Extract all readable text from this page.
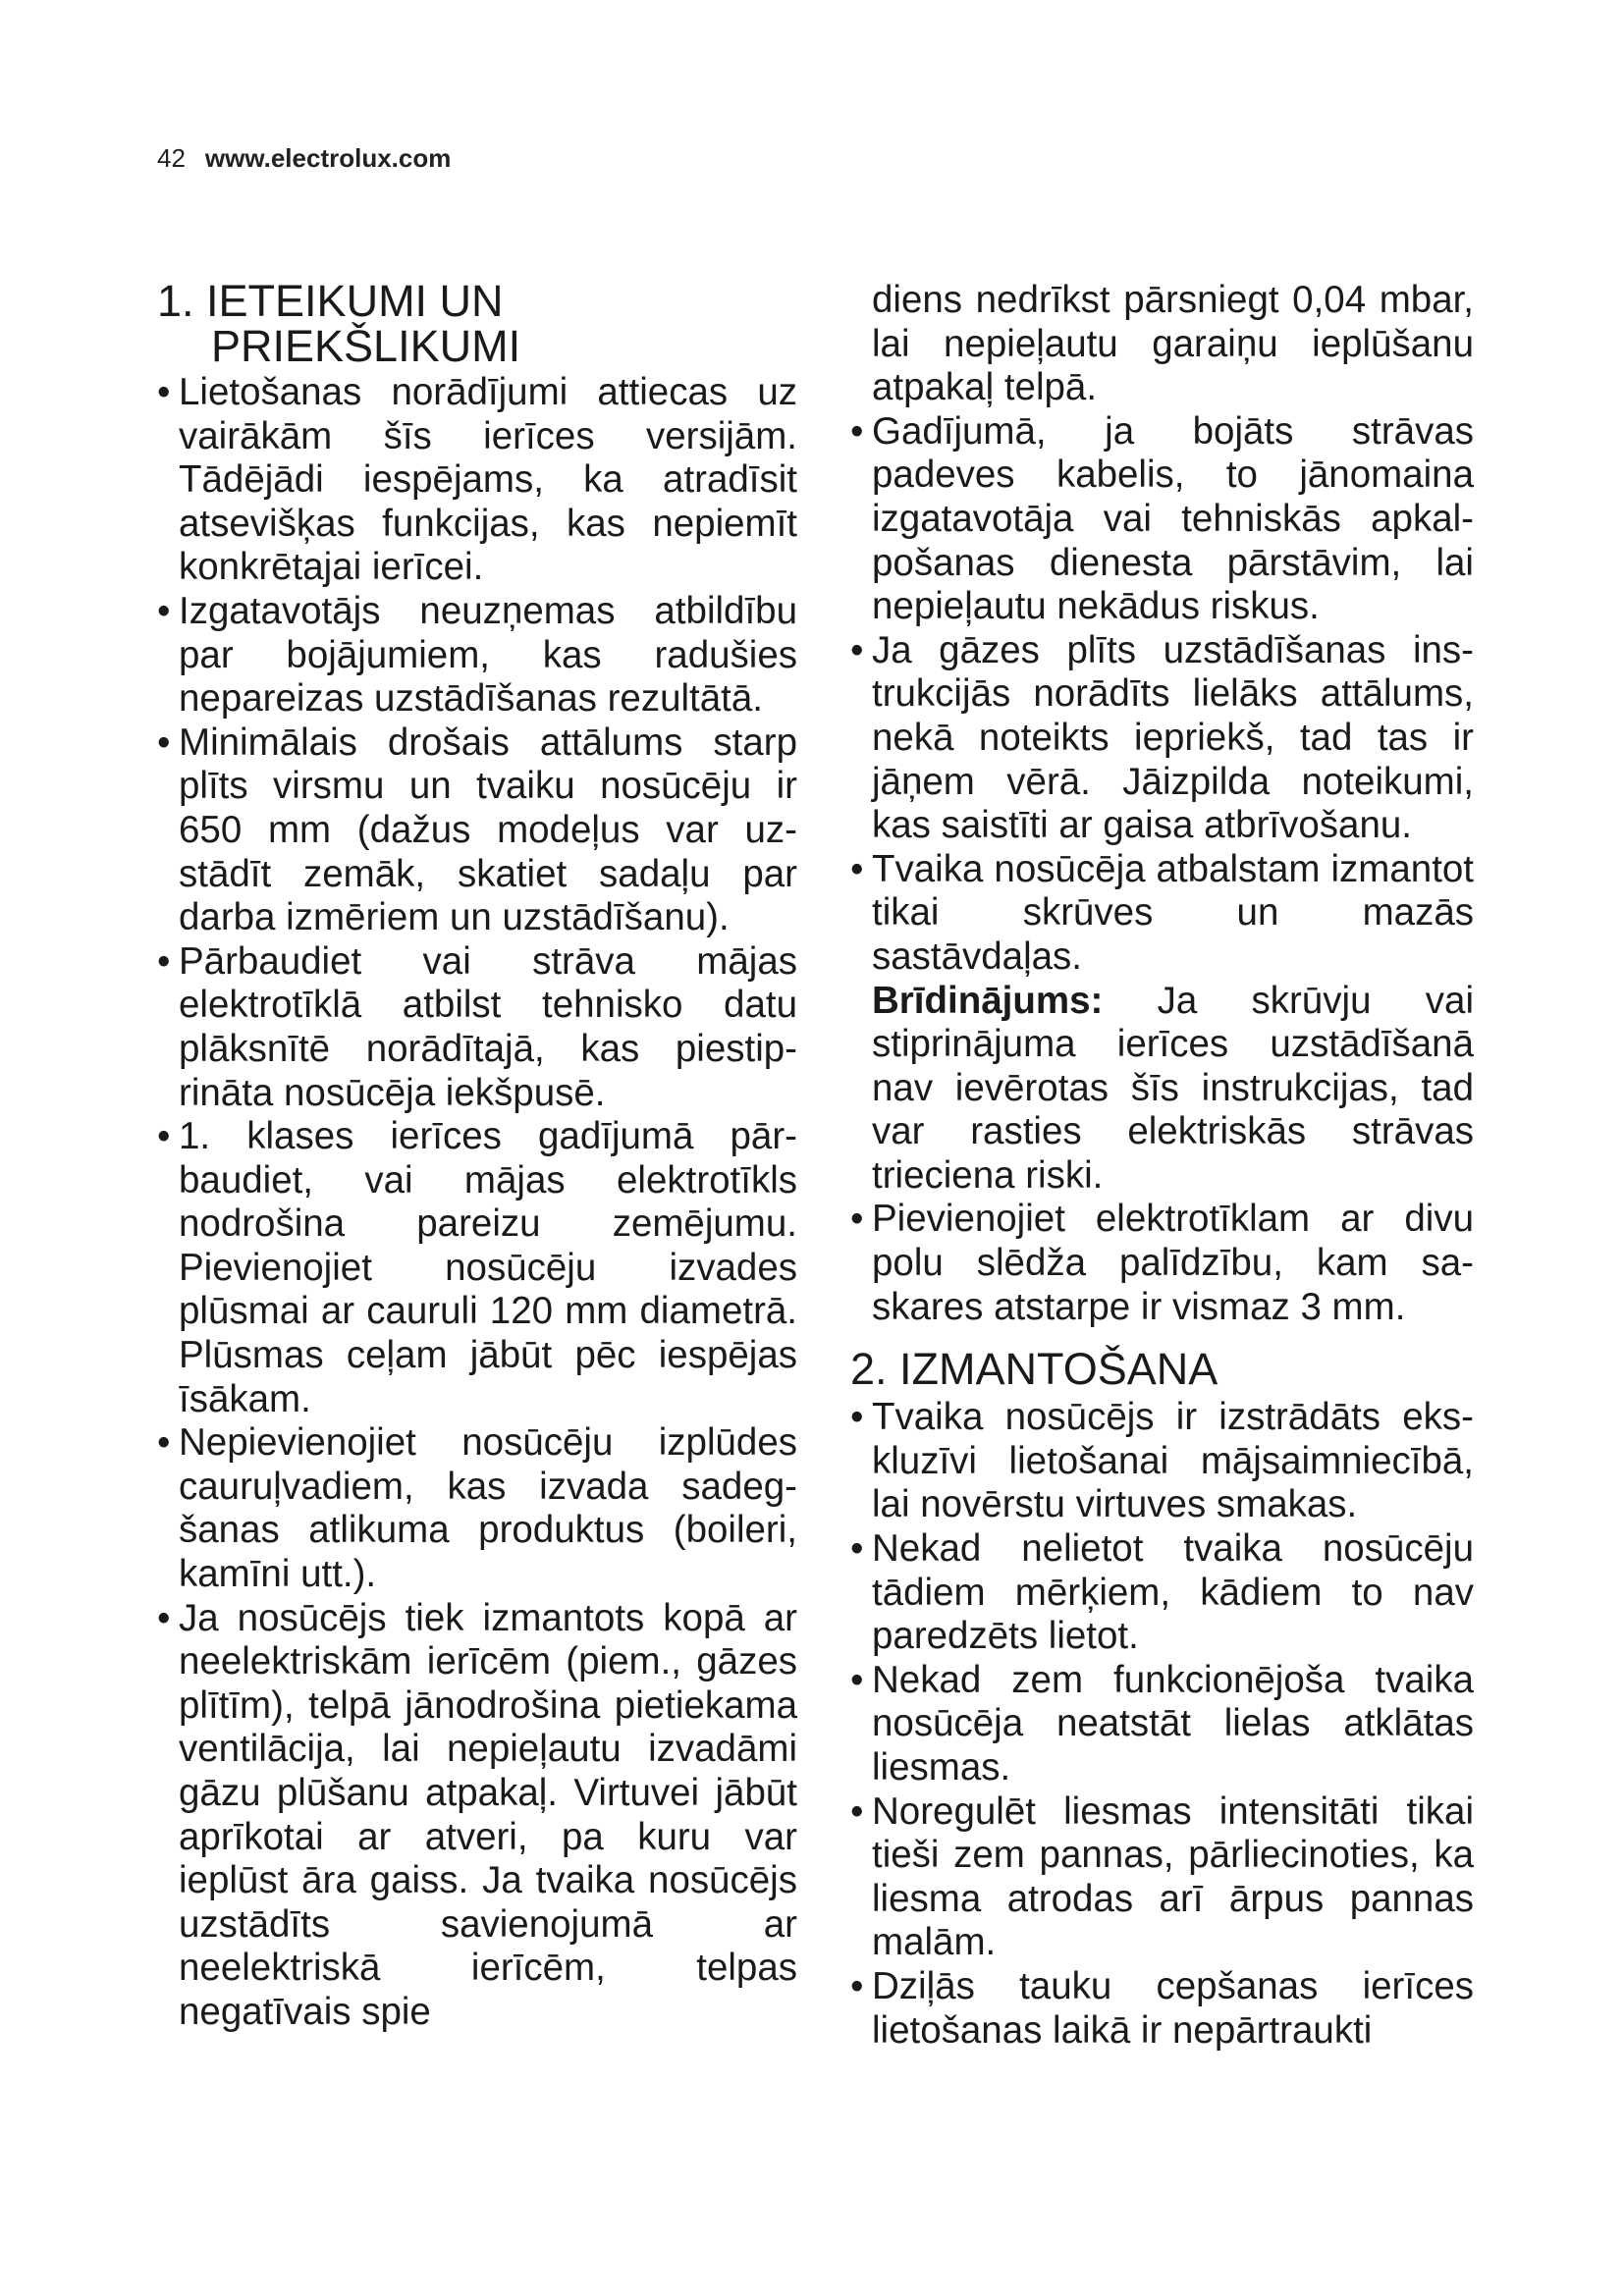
42 www.electrolux.com
1. IETEIKUMI UN PRIEKŠLIKUMI
• Lietošanas norādījumi attiecas uz vairākām šīs ierīces versijām. Tādējādi iespējams, ka atradīsit atsevišķas funkcijas, kas nepiemīt konkrētajai ierīcei.
• Izgatavotājs neuzņemas atbildību par bojājumiem, kas radušies nepareizas uzstādīšanas rezultātā.
• Minimālais drošais attālums starp plīts virsmu un tvaiku nosūcēju ir 650 mm (dažus modeļus var uzstādīt zemāk, skatiet sadaļu par darba izmēriem un uzstādīšanu).
• Pārbaudiet vai strāva mājas elektrotīklā atbilst tehnisko datu plāksnītē norādītajā, kas piestiprināta nosūcēja iekšpusē.
• 1. klases ierīces gadījumā pārbaudiet, vai mājas elektrotīkls nodrošina pareizu zemējumu. Pievienojiet nosūcēju izvades plūsmai ar cauruli 120 mm diametrā. Plūsmas ceļam jābūt pēc iespējas īsākam.
• Nepievienojiet nosūcēju izplūdes cauruļvadiem, kas izvada sadegšanas atlikuma produktus (boileri, kamīni utt.).
• Ja nosūcējs tiek izmantots kopā ar neelektriskām ierīcēm (piem., gāzes plītīm), telpā jānodrošina pietiekama ventilācija, lai nepieļautu izvadāmi gāzu plūšanu atpakaļ. Virtuvei jābūt aprīkotai ar atveri, pa kuru var ieplūst āra gaiss. Ja tvaika nosūcējs uzstādīts savienojumā ar neelektriskā ierīcēm, telpas negatīvais spie

diens nedrīkst pārsniegt 0,04 mbar, lai nepieļautu garaiņu ieplūšanu atpakaļ telpā.

• Gadījumā, ja bojāts strāvas padeves kabelis, to jānomaina izgatavotāja vai tehniskās apkalpošanas dienesta pārstāvim, lai nepieļautu nekādus riskus.
• Ja gāzes plīts uzstādīšanas instrukcijās norādīts lielāks attālums, nekā noteikts iepriekš, tad tas ir jāņem vērā. Jāizpilda noteikumi, kas saistīti ar gaisa atbrīvošanu.
• Tvaika nosūcēja atbalstam izmantot tikai skrūves un mazās sastāvdaļas.

Brīdinājums: Ja skrūvju vai stiprinājuma ierīces uzstādīšanā nav ievērotas šīs instrukcijas, tad var rasties elektriskās strāvas trieciena riski.

• Pievienojiet elektrotīklam ar divu polu slēdža palīdzību, kam saskares atstarpe ir vismaz 3 mm.
2. IZMANTOŠANA
• Tvaika nosūcējs ir izstrādāts ekskluzīvi lietošanai mājsaimniecībā, lai novērstu virtuves smakas.
• Nekad nelietot tvaika nosūcēju tādiem mērķiem, kādiem to nav paredzēts lietot.
• Nekad zem funkcionējoša tvaika nosūcēja neatstāt lielas atklātas liesmas.
• Noregulēt liesmas intensitāti tikai tieši zem pannas, pārliecinoties, ka liesma atrodas arī ārpus pannas malām.
• Dziļās tauku cepšanas ierīces lietošanas laikā ir nepārtraukti
